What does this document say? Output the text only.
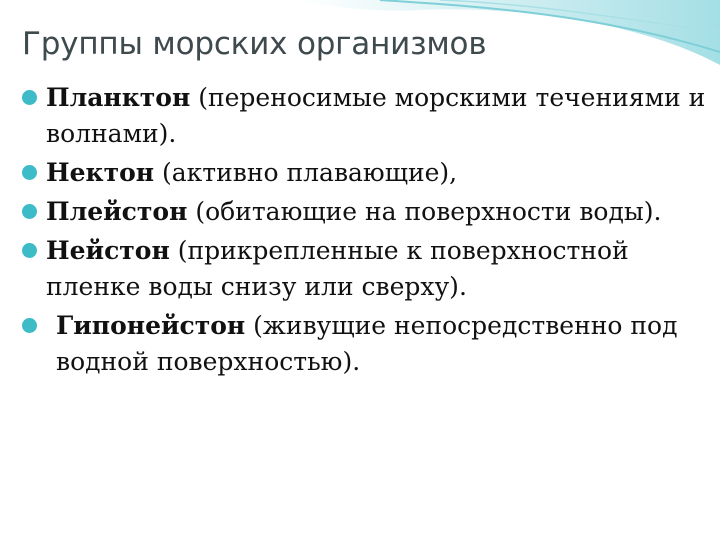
Группы морских организмов
Планктон (переносимые морскими течениями и волнами).
Нектон (активно плавающие),
Плейстон (обитающие на поверхности воды).
Нейстон (прикрепленные к поверхностной пленке воды снизу или сверху).
Гипонейстон (живущие непосредственно под водной поверхностью).
